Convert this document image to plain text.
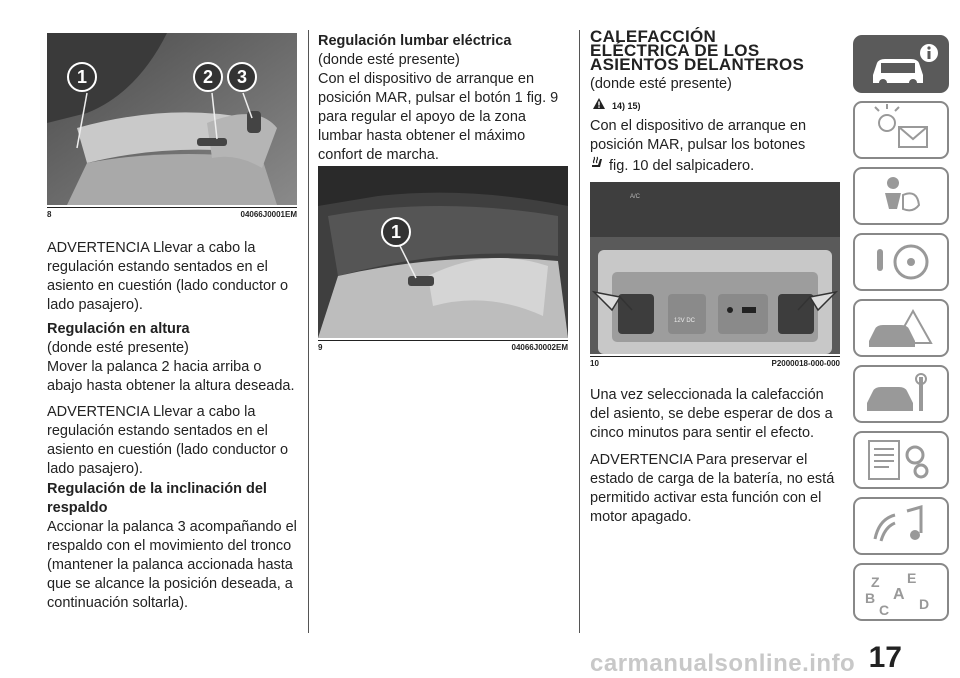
1	2 3
8	04066J0001EM
ADVERTENCIA Llevar a cabo la regulación estando sentados en el asiento en cuestión (lado conductor o lado pasajero).
Regulación en altura
(donde esté presente)
Mover la palanca 2 hacia arriba o abajo hasta obtener la altura deseada.
ADVERTENCIA Llevar a cabo la regulación estando sentados en el asiento en cuestión (lado conductor o lado pasajero).
Regulación de la inclinación del respaldo
Accionar la palanca 3 acompañando el respaldo con el movimiento del tronco (mantener la palanca accionada hasta que se alcance la posición deseada, a continuación soltarla).
Regulación lumbar eléctrica
(donde esté presente)
Con el dispositivo de arranque en posición MAR, pulsar el botón 1 fig. 9 para regular el apoyo de la zona lumbar hasta obtener el máximo confort de marcha.
1
9	04066J0002EM
CALEFACCIÓN
ELÉCTRICA DE LOS
ASIENTOS DELANTEROS
(donde esté presente)
14) 15)
Con el dispositivo de arranque en posición MAR, pulsar los botones
fig. 10 del salpicadero.
12V DC
A/C
10	P2000018-000-000
Una vez seleccionada la calefacción del asiento, se debe esperar de dos a cinco minutos para sentir el efecto.
ADVERTENCIA Para preservar el estado de carga de la batería, no está permitido activar esta función con el motor apagado.
Z E
A
B
C D
17
carmanualsonline.info
